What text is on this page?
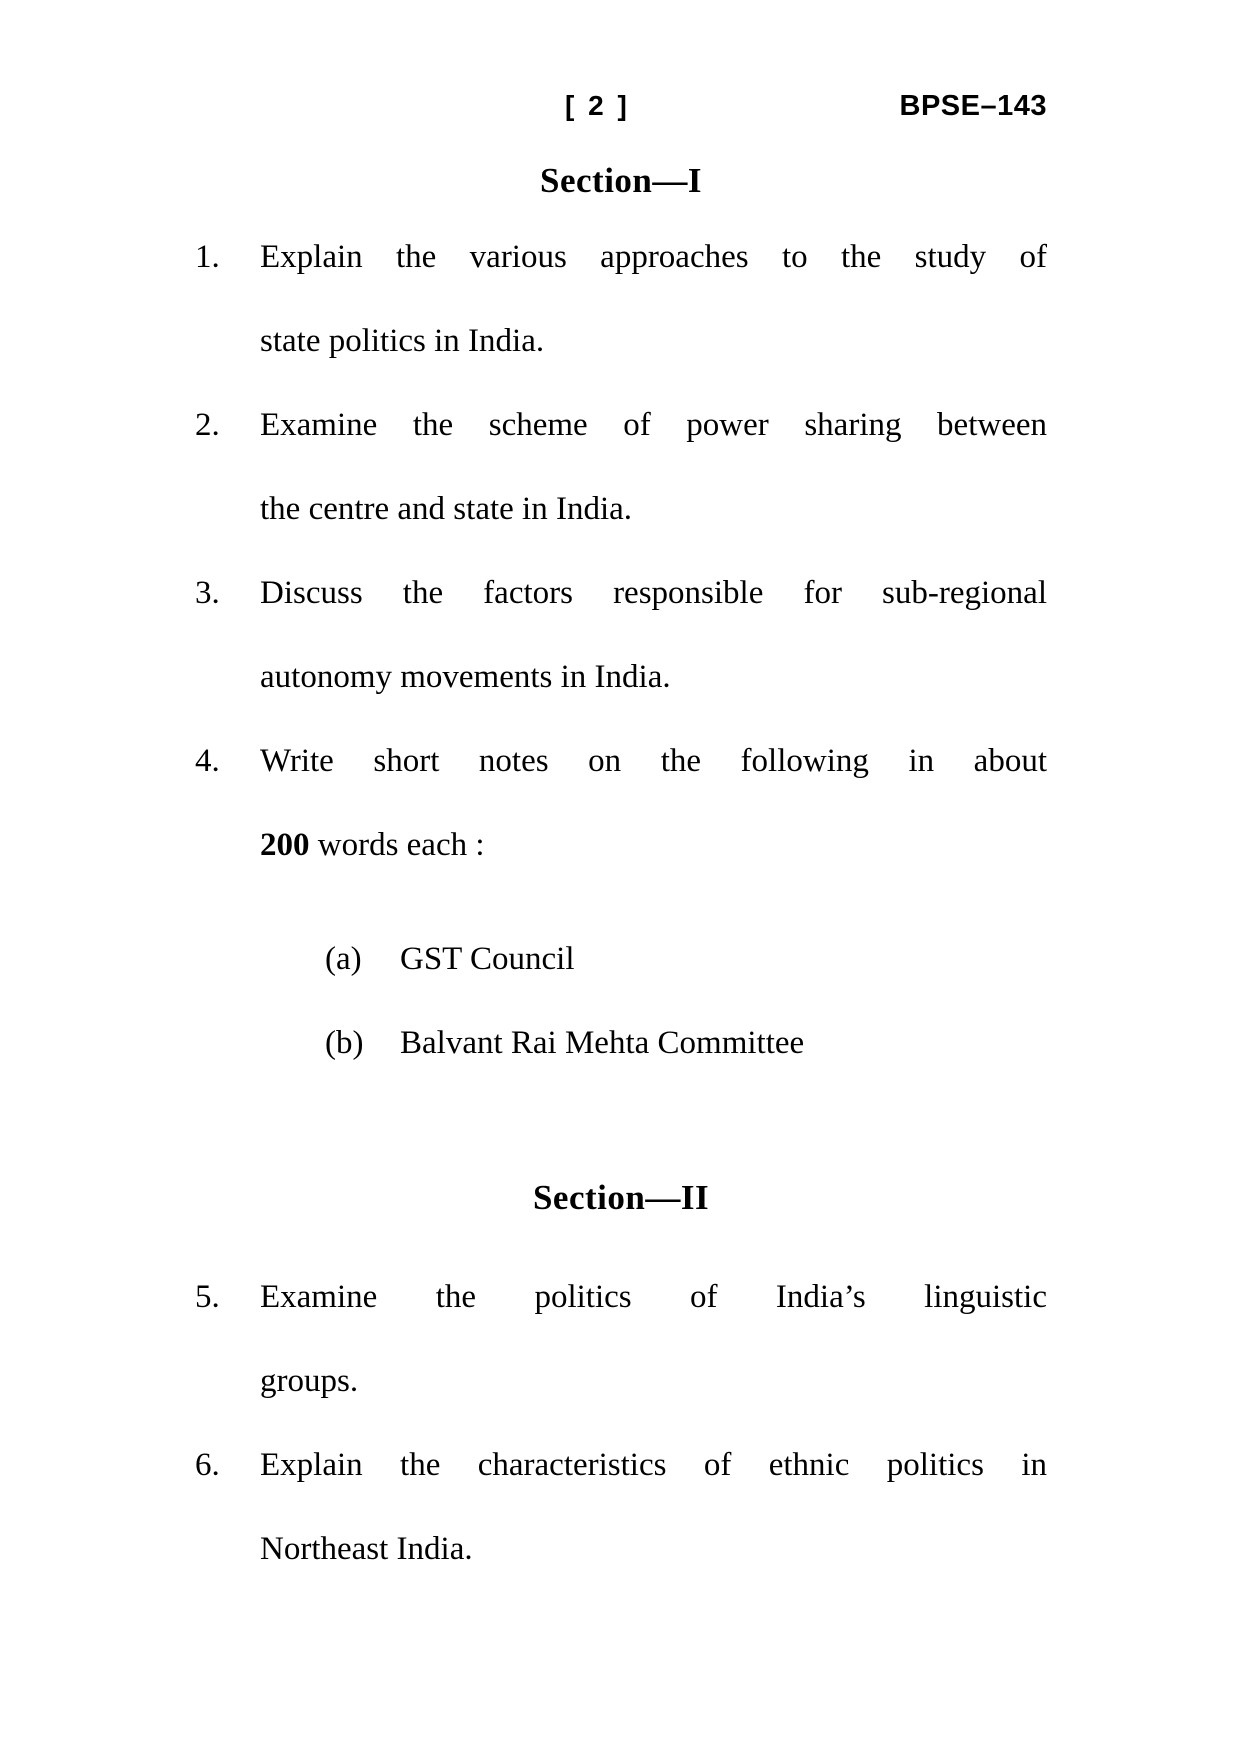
[ 2 ]	BPSE–143
Section—I
1.	Explain the various approaches to the study of
state politics in India.
2.	Examine the scheme of power sharing between
the centre and state in India.
3.	Discuss the factors responsible for sub-regional
autonomy movements in India.
4.	Write short notes on the following in about
200 words each :
(a)	GST Council
(b)	Balvant Rai Mehta Committee
Section—II
5.	Examine the politics of India’s linguistic
groups.
6.	Explain the characteristics of ethnic politics in
Northeast India.
